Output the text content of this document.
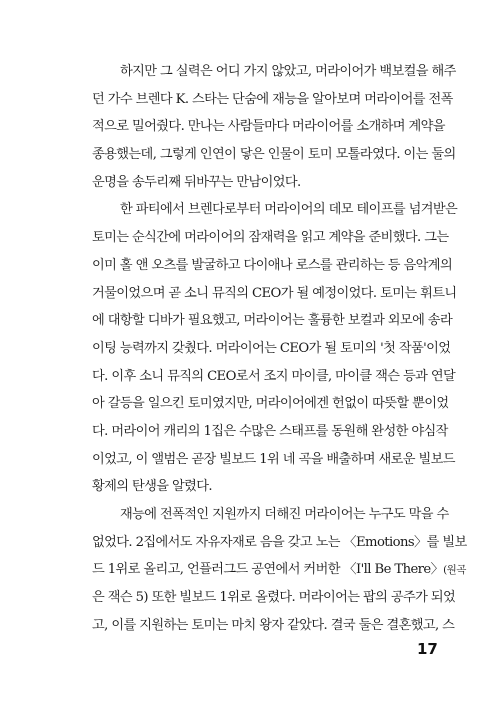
하지만 그 실력은 어디 가지 않았고, 머라이어가 백보컬을 해주
던 가수 브렌다 K. 스타는 단숨에 재능을 알아보며 머라이어를 전폭
적으로 밀어줬다. 만나는 사람들마다 머라이어를 소개하며 계약을
종용했는데, 그렇게 인연이 닿은 인물이 토미 모톨라였다. 이는 둘의
운명을 송두리째 뒤바꾸는 만남이었다.
한 파티에서 브렌다로부터 머라이어의 데모 테이프를 넘겨받은
토미는 순식간에 머라이어의 잠재력을 읽고 계약을 준비했다. 그는
이미 홀 앤 오츠를 발굴하고 다이애나 로스를 관리하는 등 음악계의
거물이었으며 곧 소니 뮤직의 CEO가 될 예정이었다. 토미는 휘트니
에 대항할 디바가 필요했고, 머라이어는 훌륭한 보컬과 외모에 송라
이팅 능력까지 갖췄다. 머라이어는 CEO가 될 토미의 '첫 작품'이었
다. 이후 소니 뮤직의 CEO로서 조지 마이클, 마이클 잭슨 등과 연달
아 갈등을 일으킨 토미였지만, 머라이어에겐 헌없이 따뜻할 뿐이었
다. 머라이어 캐리의 1집은 수많은 스태프를 동원해 완성한 야심작
이었고, 이 앨범은 곧장 빌보드 1위 네 곡을 배출하며 새로운 빌보드
황제의 탄생을 알렸다.
재능에 전폭적인 지원까지 더해진 머라이어는 누구도 막을 수
없었다. 2집에서도 자유자재로 음을 갖고 노는 〈Emotions〉를 빌보
드 1위로 올리고, 언플러그드 공연에서 커버한 〈I'll Be There〉(원곡
은 잭슨 5) 또한 빌보드 1위로 올렸다. 머라이어는 팝의 공주가 되었
고, 이를 지원하는 토미는 마치 왕자 같았다. 결국 둘은 결혼했고, 스
17
